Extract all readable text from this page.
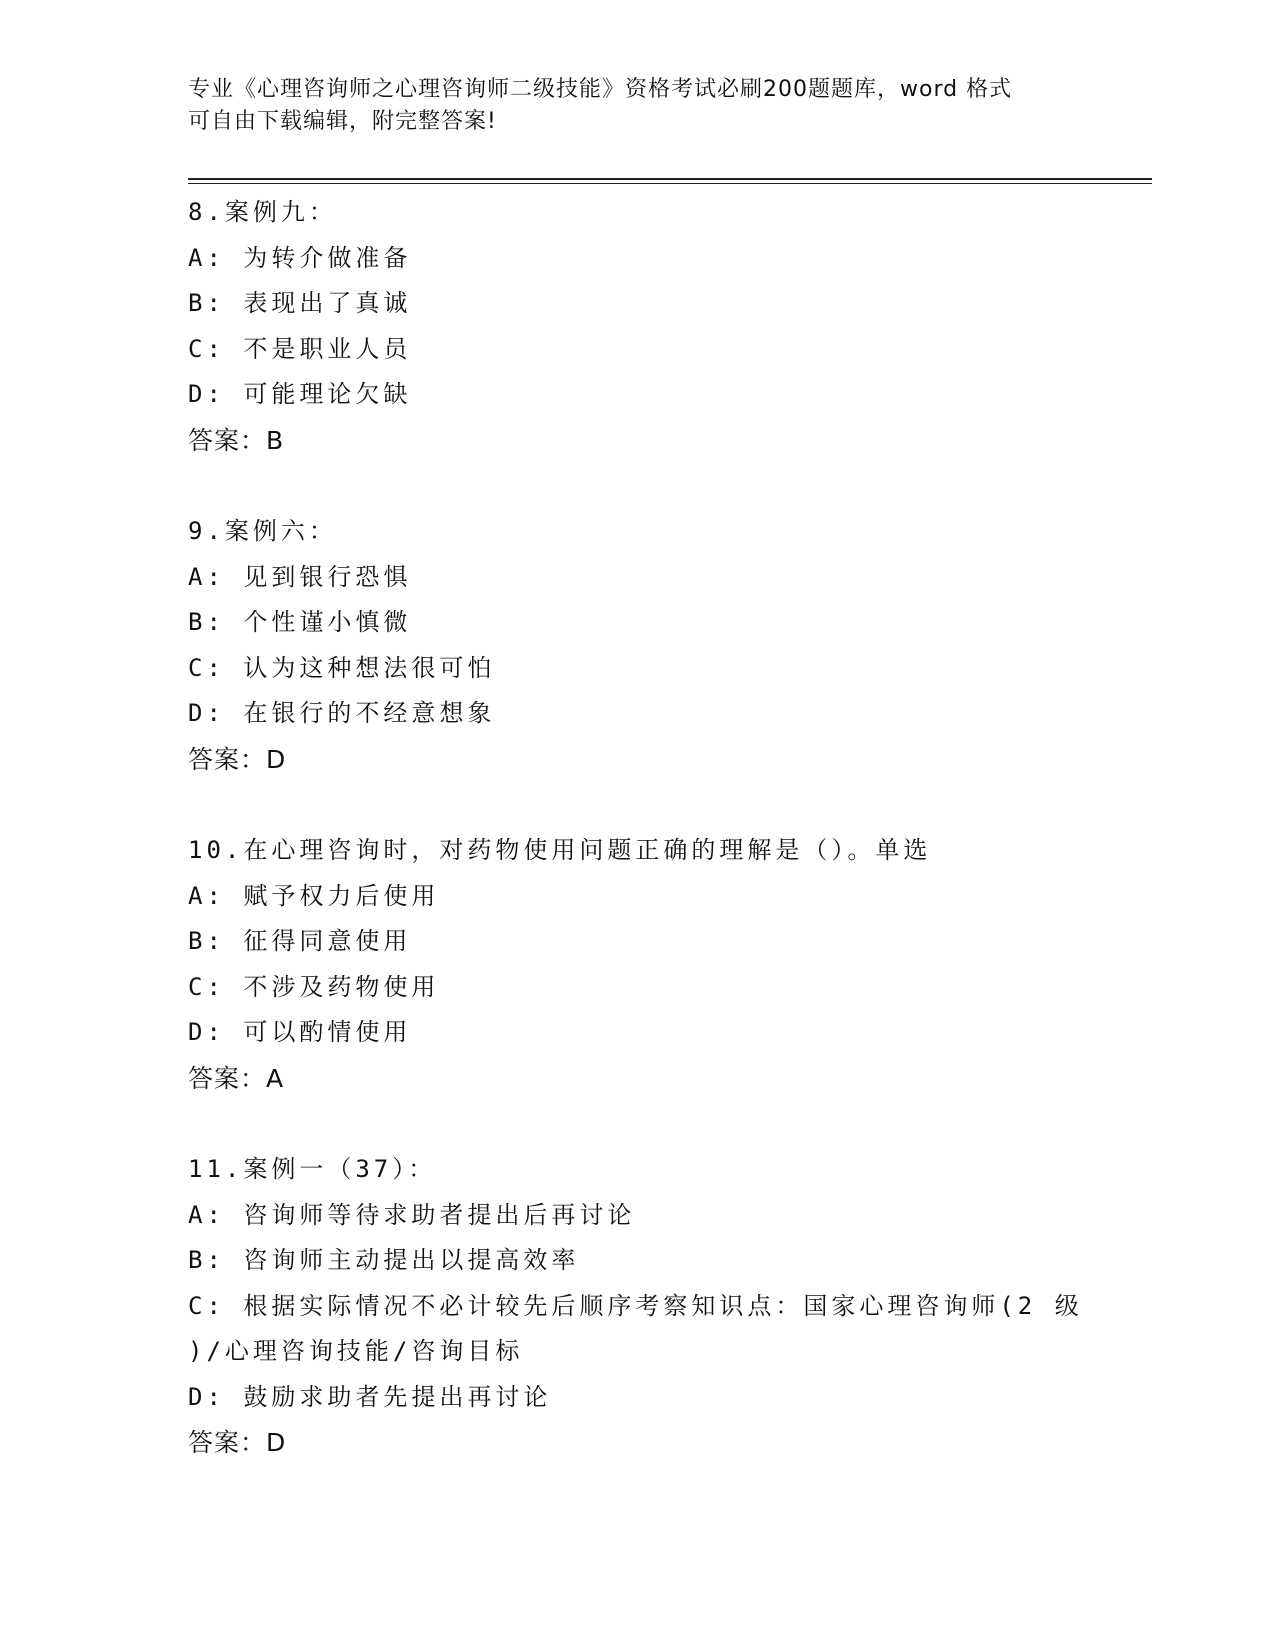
专业《心理咨询师之心理咨询师二级技能》资格考试必刷200题题库，word 格式
可自由下载编辑，附完整答案!
8.案例九：
A: 为转介做准备
B: 表现出了真诚
C: 不是职业人员
D: 可能理论欠缺
答案：B
9.案例六：
A: 见到银行恐惧
B: 个性谨小慎微
C: 认为这种想法很可怕
D: 在银行的不经意想象
答案：D
10.在心理咨询时，对药物使用问题正确的理解是（）。单选
A: 赋予权力后使用
B: 征得同意使用
C: 不涉及药物使用
D: 可以酌情使用
答案：A
11.案例一（37）：
A: 咨询师等待求助者提出后再讨论
B: 咨询师主动提出以提高效率
C: 根据实际情况不必计较先后顺序考察知识点：国家心理咨询师(2 级
)/心理咨询技能/咨询目标
D: 鼓励求助者先提出再讨论
答案：D
